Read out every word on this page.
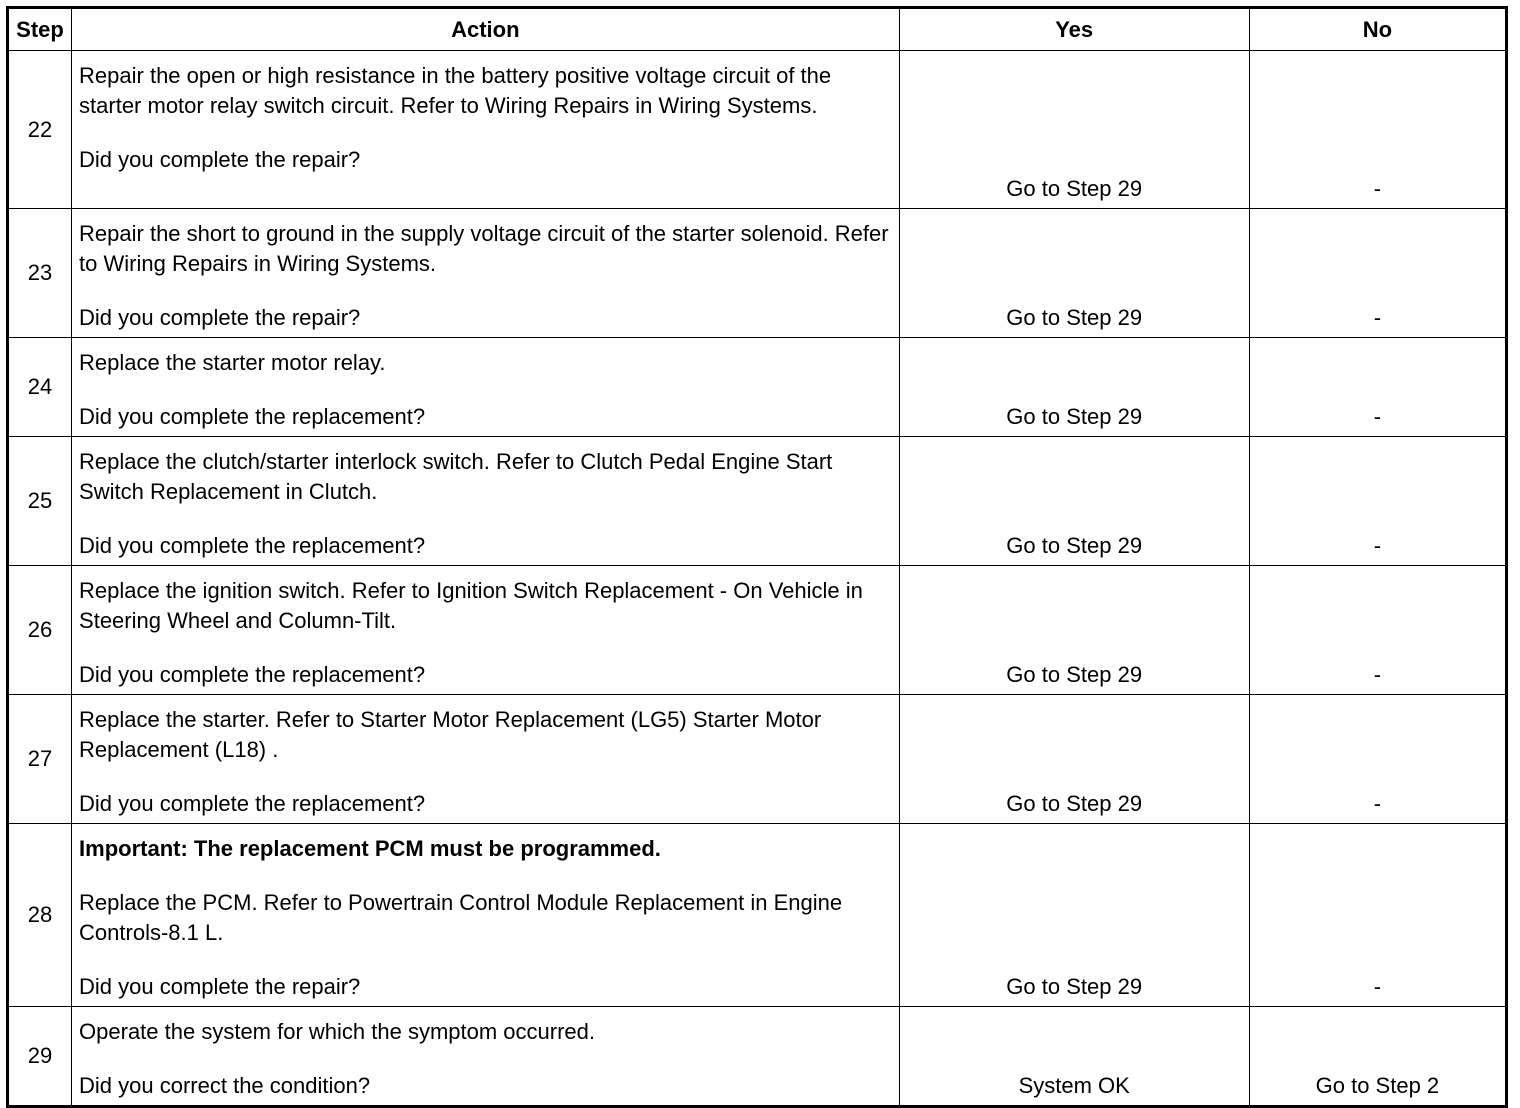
Step	Action	Yes	No
22	Repair the open or high resistance in the battery positive voltage circuit of the starter motor relay switch circuit. Refer to Wiring Repairs in Wiring Systems.

Did you complete the repair?	Go to Step 29	-
23	Repair the short to ground in the supply voltage circuit of the starter solenoid. Refer to Wiring Repairs in Wiring Systems.

Did you complete the repair?	Go to Step 29	-
24	Replace the starter motor relay.

Did you complete the replacement?	Go to Step 29	-
25	Replace the clutch/starter interlock switch. Refer to Clutch Pedal Engine Start Switch Replacement in Clutch.

Did you complete the replacement?	Go to Step 29	-
26	Replace the ignition switch. Refer to Ignition Switch Replacement - On Vehicle in Steering Wheel and Column-Tilt.

Did you complete the replacement?	Go to Step 29	-
27	Replace the starter. Refer to Starter Motor Replacement (LG5) Starter Motor Replacement (L18) .

Did you complete the replacement?	Go to Step 29	-
28	Important: The replacement PCM must be programmed.

Replace the PCM. Refer to Powertrain Control Module Replacement in Engine Controls-8.1 L.

Did you complete the repair?	Go to Step 29	-
29	Operate the system for which the symptom occurred.

Did you correct the condition?	System OK	Go to Step 2
